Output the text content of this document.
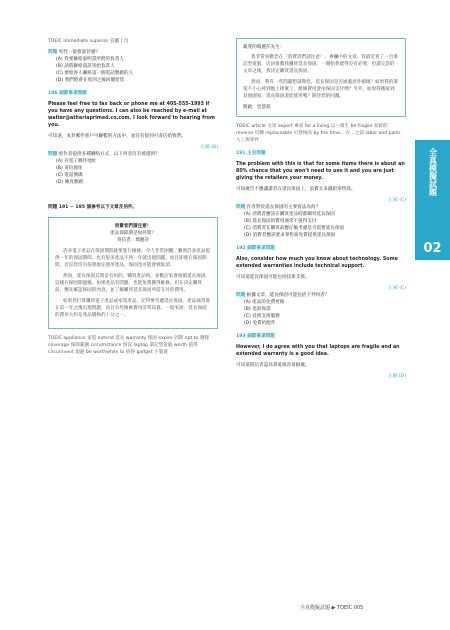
TOEIC immediate superior 直屬上司
問題 男性一般會說甚麼？
(A) 我要聯絡說明書所附的負責人
(B) 請將聯絡資訊寄給負責人
(C) 要給客人聯絡第一個電話號碼的人
(D) 我們將會在收到之後回覆給您
186 細節事項問題
Please feel free to fax back or phone me at 405-555-1993 if you have any questions. I can also be reached by e-mail at walter@atheriaprimed.co.com. I look forward to hearing from you.
可知道，本封郵件客戶可聯繫的方法中，並沒有提到可寄信給我們。
正解 (B)
問題 原作者提供多種聯絡方式，以下何者沒有被提到？
(A) 有電子郵件地址
(B) 寄信地址
(C) 電話號碼
(D) 傳真號碼
問題 191 ~ 195 請參考以下文章及信件。
消費者們請注意！
產品保障期是如何算？
寄信者：瑪麗莎

許多電子產品在保固期間就要進行維修，令人非常困擾。雖然許多產品提供一年的保固期間，也有很多產品不到一年就出現問題。而且即使在保固期間，若是您沒有依照規定使用產品，保固也可能會被取消。

然而，延長保固其實是有用的。購買產品時，多數店家會推銷延長保固，這樣在保固期過後，如果產品有問題，也能免費獲得維修。但在決定購買前，應先確認保固的內容，並了解購買延長保固所需支付的費用。

如果您打算購買電子產品或家電產品，記得要考慮延長保固。產品通常會在第一年之後出現問題，而且有些維修費用非常昂貴。一般來說，延長保固的費用大約是產品價格的十分之一。

TOEIC appliance 家電 extend 延長 warranty 保固 expire 到期 opt to 選擇 coverage 保障範圍 circumstance 情況 laptop 筆記型電腦 worth 值得 circumvent 規避 be worthwhile to 值得 gadget 小裝置
親愛的瑪麗莎先生：

我非常喜歡您在「消費者們請注意！」專欄中的文章。我最近買了一台筆記型電腦，店員推薦我購買延長保固。一開始我覺得沒有必要，但讀完您的文章之後，我決定購買延長保固。

然而，我有一些問題想請教您。延長保固是否涵蓋意外損壞？如果我的筆電不小心掉到地上摔壞了，維修費用會由保固支付嗎？另外，如果我搬家到其他國家，延長保固還能使用嗎？期待您的回覆。

敬啟，亞瑟茲
TOEIC article 文章 expert 專家 for a living 以～維生 be fragile 易碎的 reverse 反轉 replaceable 可替換的 by the time... 在...之前 labor and parts 人工與零件
191 主旨問題
The problem with this is that for some items there is about an 80% chance that you won't need to use it and you are just giving the retailers your money.
可知廣告不應讓讀者在延長保固上，浪費太多錢給零售商。
正解 (C)
問題 作者對於延長保固的主要看法為何？
(A) 消費者應該在購買產品時都購買延長保固
(B) 延長保固的費用通常不值得支付
(C) 消費者在購買前應仔細考慮是否需要延長保固
(D) 消費者應該要求零售商免費提供延長保固
192 細節事項問題
Also, consider how much you know about technology. Some extended warranties include technical support.
可知道延長保固可能包括技術支援。
正解 (C)
問題 根據文章，延長保固可能包括下列何者？
(A) 產品的免費更換
(B) 退款保證
(C) 技術支援服務
(D) 免費的配件
193 細節事項問題
However, I do agree with you that laptops are fragile and an extended warranty is a good idea.
可知道寫信者認為筆電很容易損壞。
正解 (D)
全真模擬試題
02
全真模擬試題 ▶ TOEIC 005
